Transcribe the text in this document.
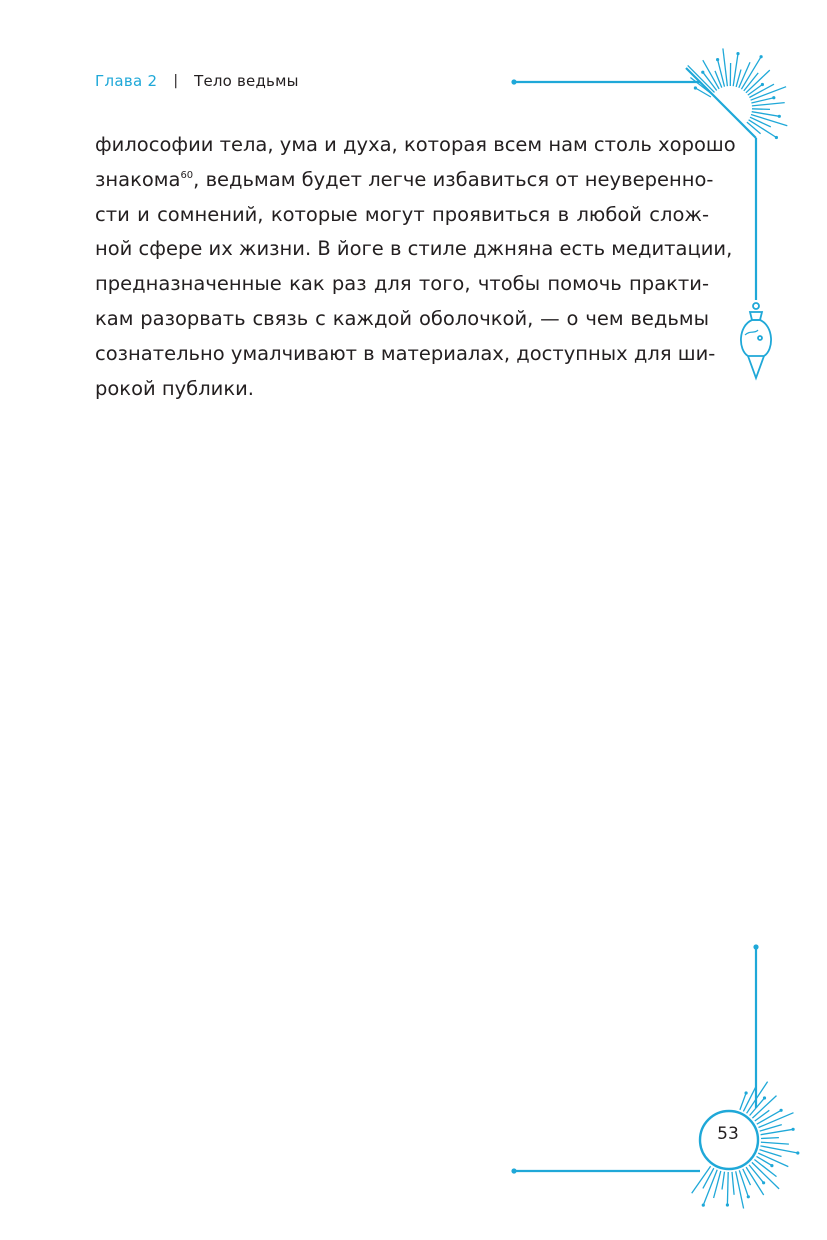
Глава 2 | Тело ведьмы
философии тела, ума и духа, которая всем нам столь хорошо
знакома$^{60}$, ведьмам будет легче избавиться от неуверенно-
сти и сомнений, которые могут проявиться в любой слож-
ной сфере их жизни. В йоге в стиле джняна есть медитации,
предназначенные как раз для того, чтобы помочь практи-
кам разорвать связь с каждой оболочкой, — о чем ведьмы
сознательно умалчивают в материалах, доступных для ши-
рокой публики.
53
